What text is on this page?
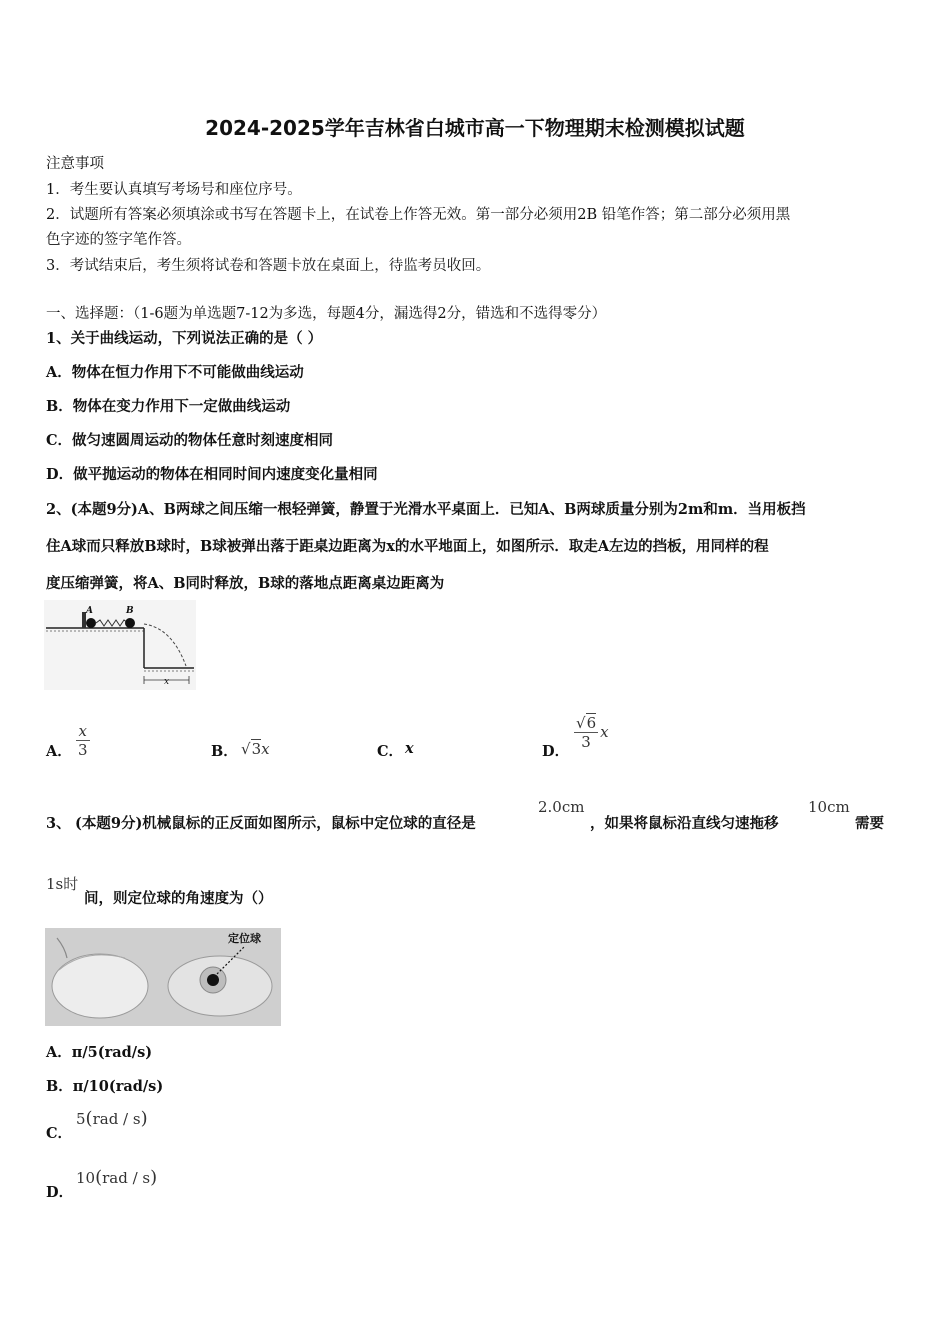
2024-2025学年吉林省白城市高一下物理期末检测模拟试题
注意事项
1．考生要认真填写考场号和座位序号。
2．试题所有答案必须填涂或书写在答题卡上，在试卷上作答无效。第一部分必须用2B 铅笔作答；第二部分必须用黑
色字迹的签字笔作答。
3．考试结束后，考生须将试卷和答题卡放在桌面上，待监考员收回。
一、选择题：（1-6题为单选题7-12为多选，每题4分，漏选得2分，错选和不选得零分）
1、关于曲线运动，下列说法正确的是（ ）
A．物体在恒力作用下不可能做曲线运动
B．物体在变力作用下一定做曲线运动
C．做匀速圆周运动的物体任意时刻速度相同
D．做平抛运动的物体在相同时间内速度变化量相同
2、(本题9分)A、B两球之间压缩一根轻弹簧，静置于光滑水平桌面上．已知A、B两球质量分别为2m和m．当用板挡
住A球而只释放B球时，B球被弹出落于距桌边距离为x的水平地面上，如图所示．取走A左边的挡板，用同样的程
度压缩弹簧，将A、B同时释放，B球的落地点距离桌边距离为
A	B
x
A． $\frac{x}{3}$	B． √3x	C． x	D．
$\frac{√6}{3}$ x
3、 (本题9分)机械鼠标的正反面如图所示，鼠标中定位球的直径是
2.0cm
，如果将鼠标沿直线匀速拖移
10cm
需要
1s时
间，则定位球的角速度为（）
定位球
A．π/5(rad/s)
B．π/10(rad/s)
C．
5(rad / s)
D．
10(rad / s)
